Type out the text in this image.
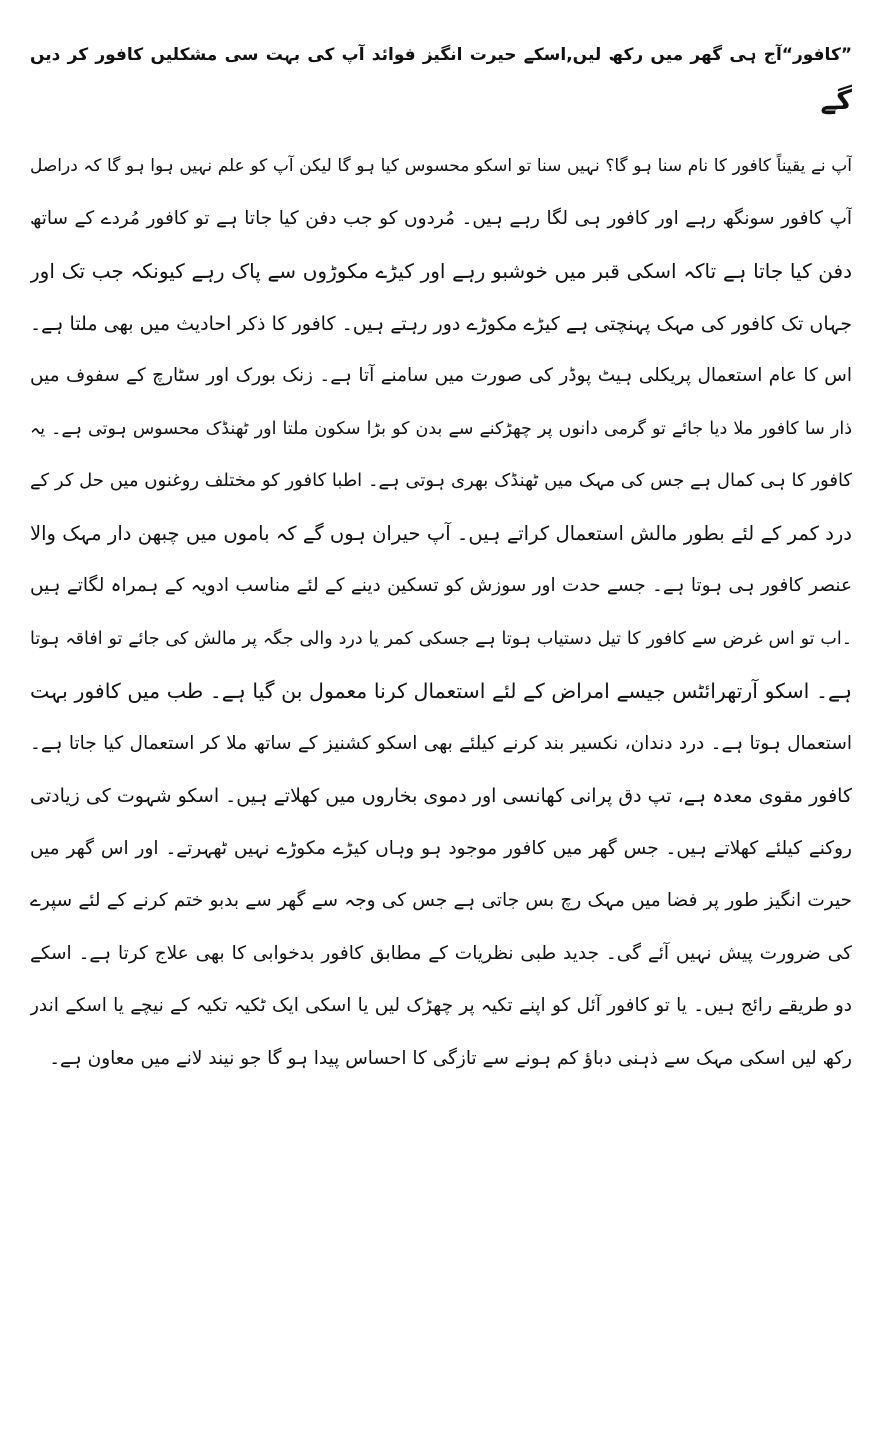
”کافور“آج ہی گھر میں رکھ لیں,اسکے حیرت انگیز فوائد آپ کی بہت سی مشکلیں کافور کر دیں
گے
آپ نے یقیناً کافور کا نام سنا ہو گا؟ نہیں سنا تو اسکو محسوس کیا ہو گا لیکن آپ کو علم نہیں ہوا ہو گا کہ دراصل
آپ کافور سونگھ رہے اور کافور ہی لگا رہے ہیں۔ مُردوں کو جب دفن کیا جاتا ہے تو کافور مُردے کے ساتھ
دفن کیا جاتا ہے تاکہ اسکی قبر میں خوشبو رہے اور کیڑے مکوڑوں سے پاک رہے کیونکہ جب تک اور
جہاں تک کافور کی مہک پہنچتی ہے کیڑے مکوڑے دور رہتے ہیں۔ کافور کا ذکر احادیث میں بھی ملتا ہے۔
اس کا عام استعمال پریکلی ہیٹ پوڈر کی صورت میں سامنے آتا ہے۔ زنک بورک اور سٹارچ کے سفوف میں
ذار سا کافور ملا دیا جائے تو گرمی دانوں پر چھڑکنے سے بدن کو بڑا سکون ملتا اور ٹھنڈک محسوس ہوتی ہے۔ یہ
کافور کا ہی کمال ہے جس کی مہک میں ٹھنڈک بھری ہوتی ہے۔ اطبا کافور کو مختلف روغنوں میں حل کر کے
درد کمر کے لئے بطور مالش استعمال کراتے ہیں۔ آپ حیران ہوں گے کہ باموں میں چبھن دار مہک والا
عنصر کافور ہی ہوتا ہے۔ جسے حدت اور سوزش کو تسکین دینے کے لئے مناسب ادویہ کے ہمراہ لگاتے ہیں
۔اب تو اس غرض سے کافور کا تیل دستیاب ہوتا ہے جسکی کمر یا درد والی جگہ پر مالش کی جائے تو افاقہ ہوتا
ہے۔ اسکو آرتھرائٹس جیسے امراض کے لئے استعمال کرنا معمول بن گیا ہے۔ طب میں کافور بہت
استعمال ہوتا ہے۔ درد دندان، نکسیر بند کرنے کیلئے بھی اسکو کشنیز کے ساتھ ملا کر استعمال کیا جاتا ہے۔
کافور مقوی معدہ ہے، تپ دق پرانی کھانسی اور دموی بخاروں میں کھلاتے ہیں۔ اسکو شہوت کی زیادتی
روکنے کیلئے کھلاتے ہیں۔ جس گھر میں کافور موجود ہو وہاں کیڑے مکوڑے نہیں ٹھہرتے۔ اور اس گھر میں
حیرت انگیز طور پر فضا میں مہک رچ بس جاتی ہے جس کی وجہ سے گھر سے بدبو ختم کرنے کے لئے سپرے
کی ضرورت پیش نہیں آئے گی۔ جدید طبی نظریات کے مطابق کافور بدخوابی کا بھی علاج کرتا ہے۔ اسکے
دو طریقے رائج ہیں۔ یا تو کافور آئل کو اپنے تکیہ پر چھڑک لیں یا اسکی ایک ٹکیہ تکیہ کے نیچے یا اسکے اندر
رکھ لیں اسکی مہک سے ذہنی دباؤ کم ہونے سے تازگی کا احساس پیدا ہو گا جو نیند لانے میں معاون ہے۔
